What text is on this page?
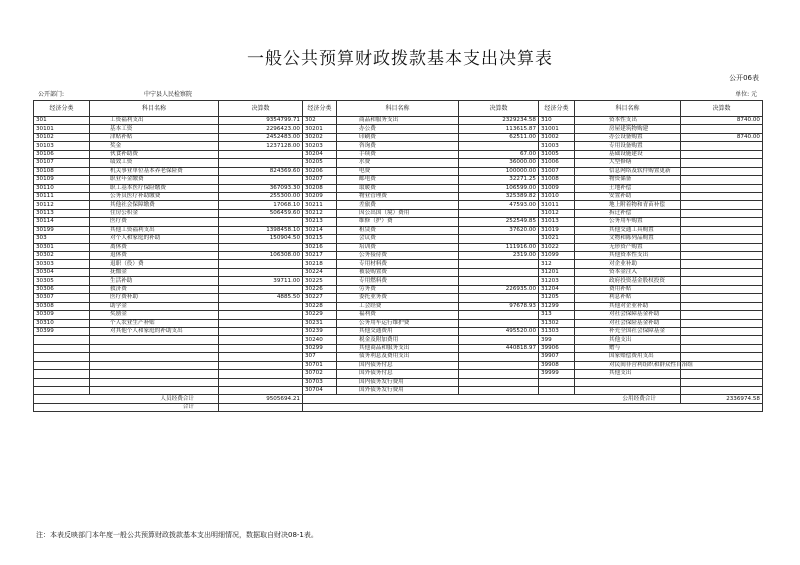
一般公共预算财政拨款基本支出决算表
公开06表
公开部门:	中宁县人民检察院	单位: 元
经济分类	科目名称	决算数	经济分类	科目名称	决算数	经济分类	科目名称	决算数
301	工资福利支出	9354799.71	302	商品和服务支出	2329234.58	310	资本性支出	8740.00
30101	基本工资	2296423.00	30201	办公费	113615.87	31001	房屋建筑物购建	
30102	津贴补贴	2452483.00	30202	印刷费	62511.00	31002	办公设备购置	8740.00
30103	奖金	1237128.00	30203	咨询费		31003	专用设备购置	
30106	伙食补助费		30204	手续费	67.00	31005	基础设施建设	
30107	绩效工资		30205	水费	36000.00	31006	大型修缮	
30108	机关事业单位基本养老保险费	824369.60	30206	电费	100000.00	31007	信息网络及软件购置更新	
30109	职业年金缴费		30207	邮电费	32271.25	31008	物资储备	
30110	职工基本医疗保险缴费	367093.30	30208	取暖费	106599.00	31009	土地补偿	
30111	公务员医疗补助缴费	255300.00	30209	物业管理费	325389.82	31010	安置补助	
30112	其他社会保障缴费	17068.10	30211	差旅费	47593.00	31011	地上附着物和青苗补偿	
30113	住房公积金	506459.60	30212	因公出国（境）费用		31012	拆迁补偿	
30114	医疗费		30213	维修（护）费	252549.85	31013	公务用车购置	
30199	其他工资福利支出	1398458.10	30214	租赁费	37620.00	31019	其他交通工具购置	
303	对个人和家庭的补助	150904.50	30215	会议费		31021	文物和陈列品购置	
30301	离休费		30216	培训费	111916.00	31022	无形资产购置	
30302	退休费	106308.00	30217	公务接待费	2319.00	31099	其他资本性支出	
30303	退职（役）费		30218	专用材料费		312	对企业补助	
30304	抚恤金		30224	被装购置费		31201	资本金注入	
30305	生活补助	39711.00	30225	专用燃料费		31203	政府投资基金股权投资	
30306	救济费		30226	劳务费	226935.00	31204	费用补贴	
30307	医疗费补助	4885.50	30227	委托业务费		31205	利息补贴	
30308	助学金		30228	工会经费	97678.93	31299	其他对企业补助	
30309	奖励金		30229	福利费		313	对社会保障基金补助	
30310	个人农业生产补贴		30231	公务用车运行维护费		31302	对社会保险基金补助	
30399	对其他个人和家庭的补助支出		30239	其他交通费用	495520.00	31303	补充全国社会保障基金	
			30240	税金及附加费用		399	其他支出	
			30299	其他商品和服务支出	440818.97	39906	赠与	
			307	债务利息及费用支出		39907	国家赔偿费用支出	
			30701	国内债务付息		39908	对民间非营利组织和群众性自治组	
			30702	国外债务付息		39999	其他支出	
			30703	国内债务发行费用				
			30704	国外债务发行费用				
人员经费合计		9505694.21	公用经费合计					2336974.58
合计								
注：本表反映部门本年度一般公共预算财政拨款基本支出明细情况，数据取自财决08-1表。
